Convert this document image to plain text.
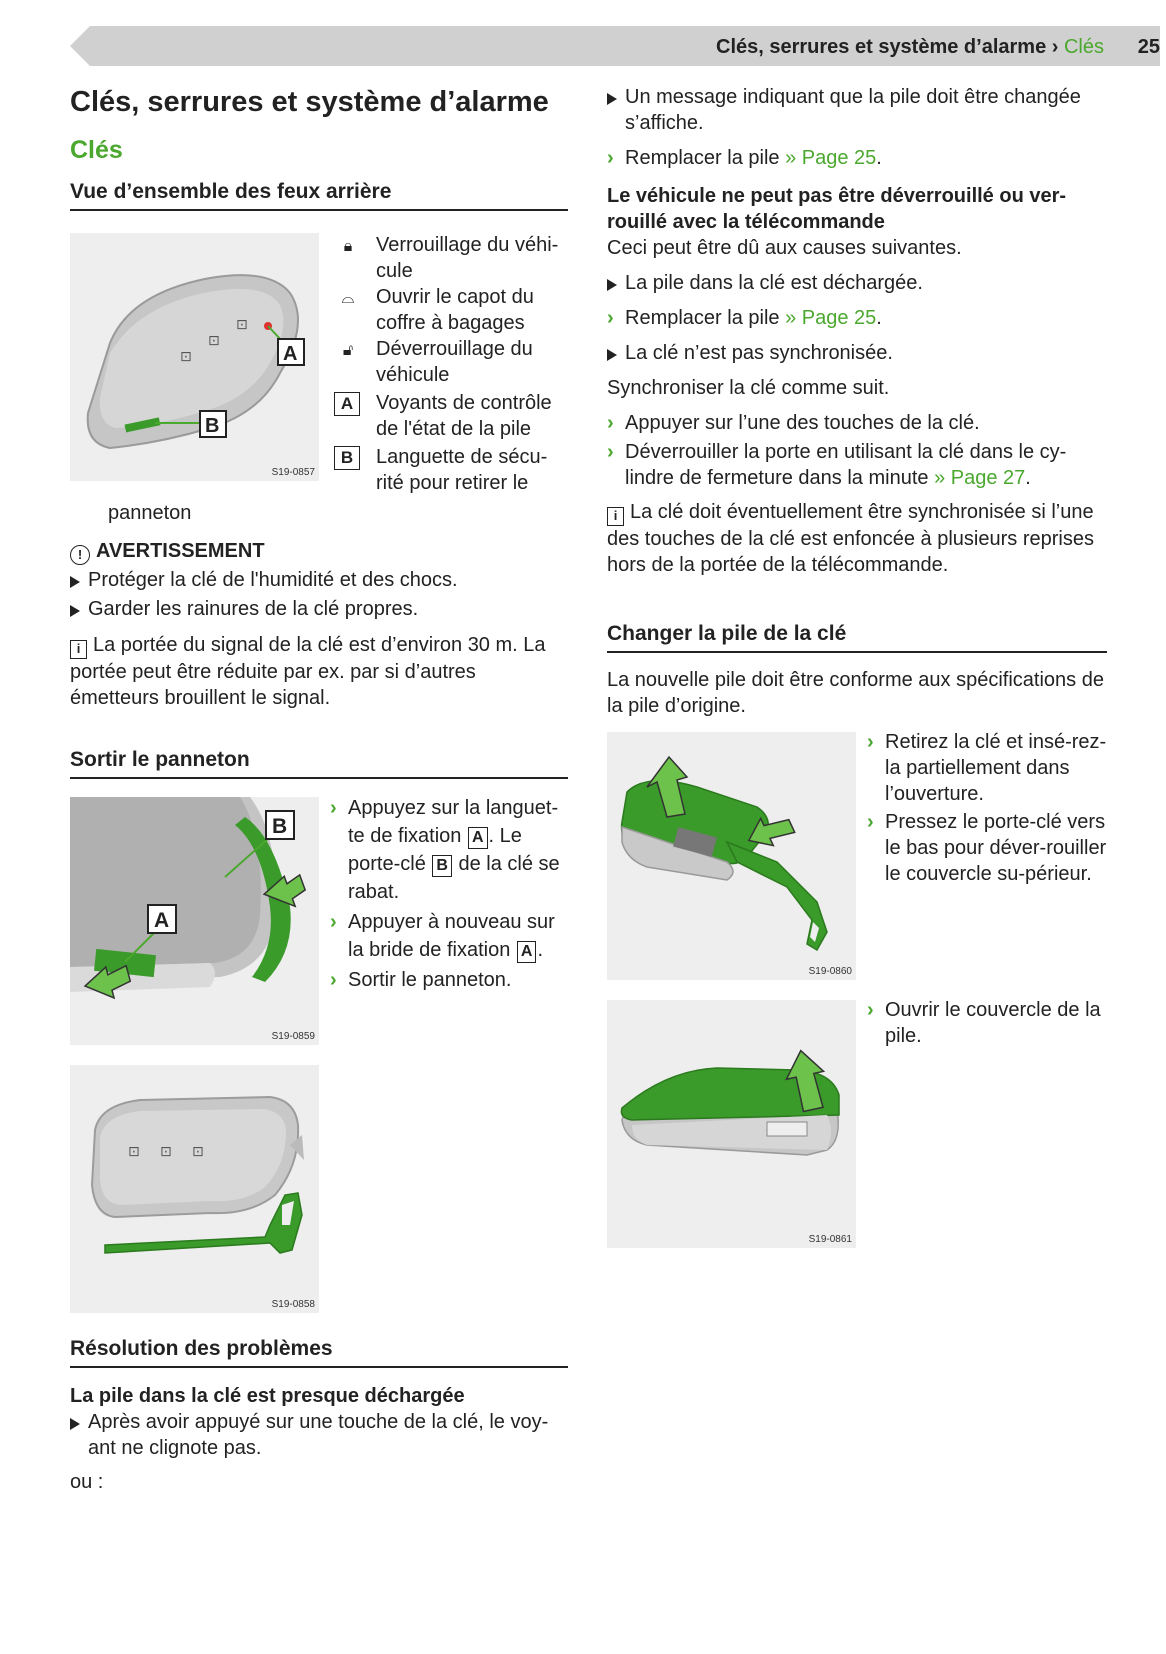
Clés, serrures et système d’alarme › Clés 25
Clés, serrures et système d’alarme
Clés
Vue d’ensemble des feux arrière
⊡
⊡
⊡
A
B
S19-0857
🔒︎	Verrouillage du véhi-cule
⌓	Ouvrir le capot du coffre à bagages
🔓︎	Déverrouillage du véhicule
A	Voyants de contrôle de l'état de la pile
B	Languette de sécu-rité pour retirer le
panneton
! AVERTISSEMENT
Protéger la clé de l'humidité et des chocs.
Garder les rainures de la clé propres.
i La portée du signal de la clé est d’environ 30 m. La portée peut être réduite par ex. par si d’autres émetteurs brouillent le signal.
Sortir le panneton
A
B
S19-0859
› Appuyez sur la languet-te de fixation A . Le porte-clé B de la clé se rabat.
› Appuyer à nouveau sur la bride de fixation A .
› Sortir le panneton.
⊡ ⊡ ⊡
S19-0858
Résolution des problèmes
La pile dans la clé est presque déchargée
Après avoir appuyé sur une touche de la clé, le voy-ant ne clignote pas.
ou :
Un message indiquant que la pile doit être changée s’affiche.
› Remplacer la pile » Page 25.
Le véhicule ne peut pas être déverrouillé ou ver-rouillé avec la télécommande
Ceci peut être dû aux causes suivantes.
La pile dans la clé est déchargée.
› Remplacer la pile » Page 25.
La clé n’est pas synchronisée.
Synchroniser la clé comme suit.
› Appuyer sur l’une des touches de la clé.
› Déverrouiller la porte en utilisant la clé dans le cy-lindre de fermeture dans la minute » Page 27.
i La clé doit éventuellement être synchronisée si l’une des touches de la clé est enfoncée à plusieurs reprises hors de la portée de la télécommande.
Changer la pile de la clé
La nouvelle pile doit être conforme aux spécifications de la pile d’origine.
S19-0860
› Retirez la clé et insé-rez-la partiellement dans l’ouverture.
› Pressez le porte-clé vers le bas pour déver-rouiller le couvercle su-périeur.
S19-0861
› Ouvrir le couvercle de la pile.
